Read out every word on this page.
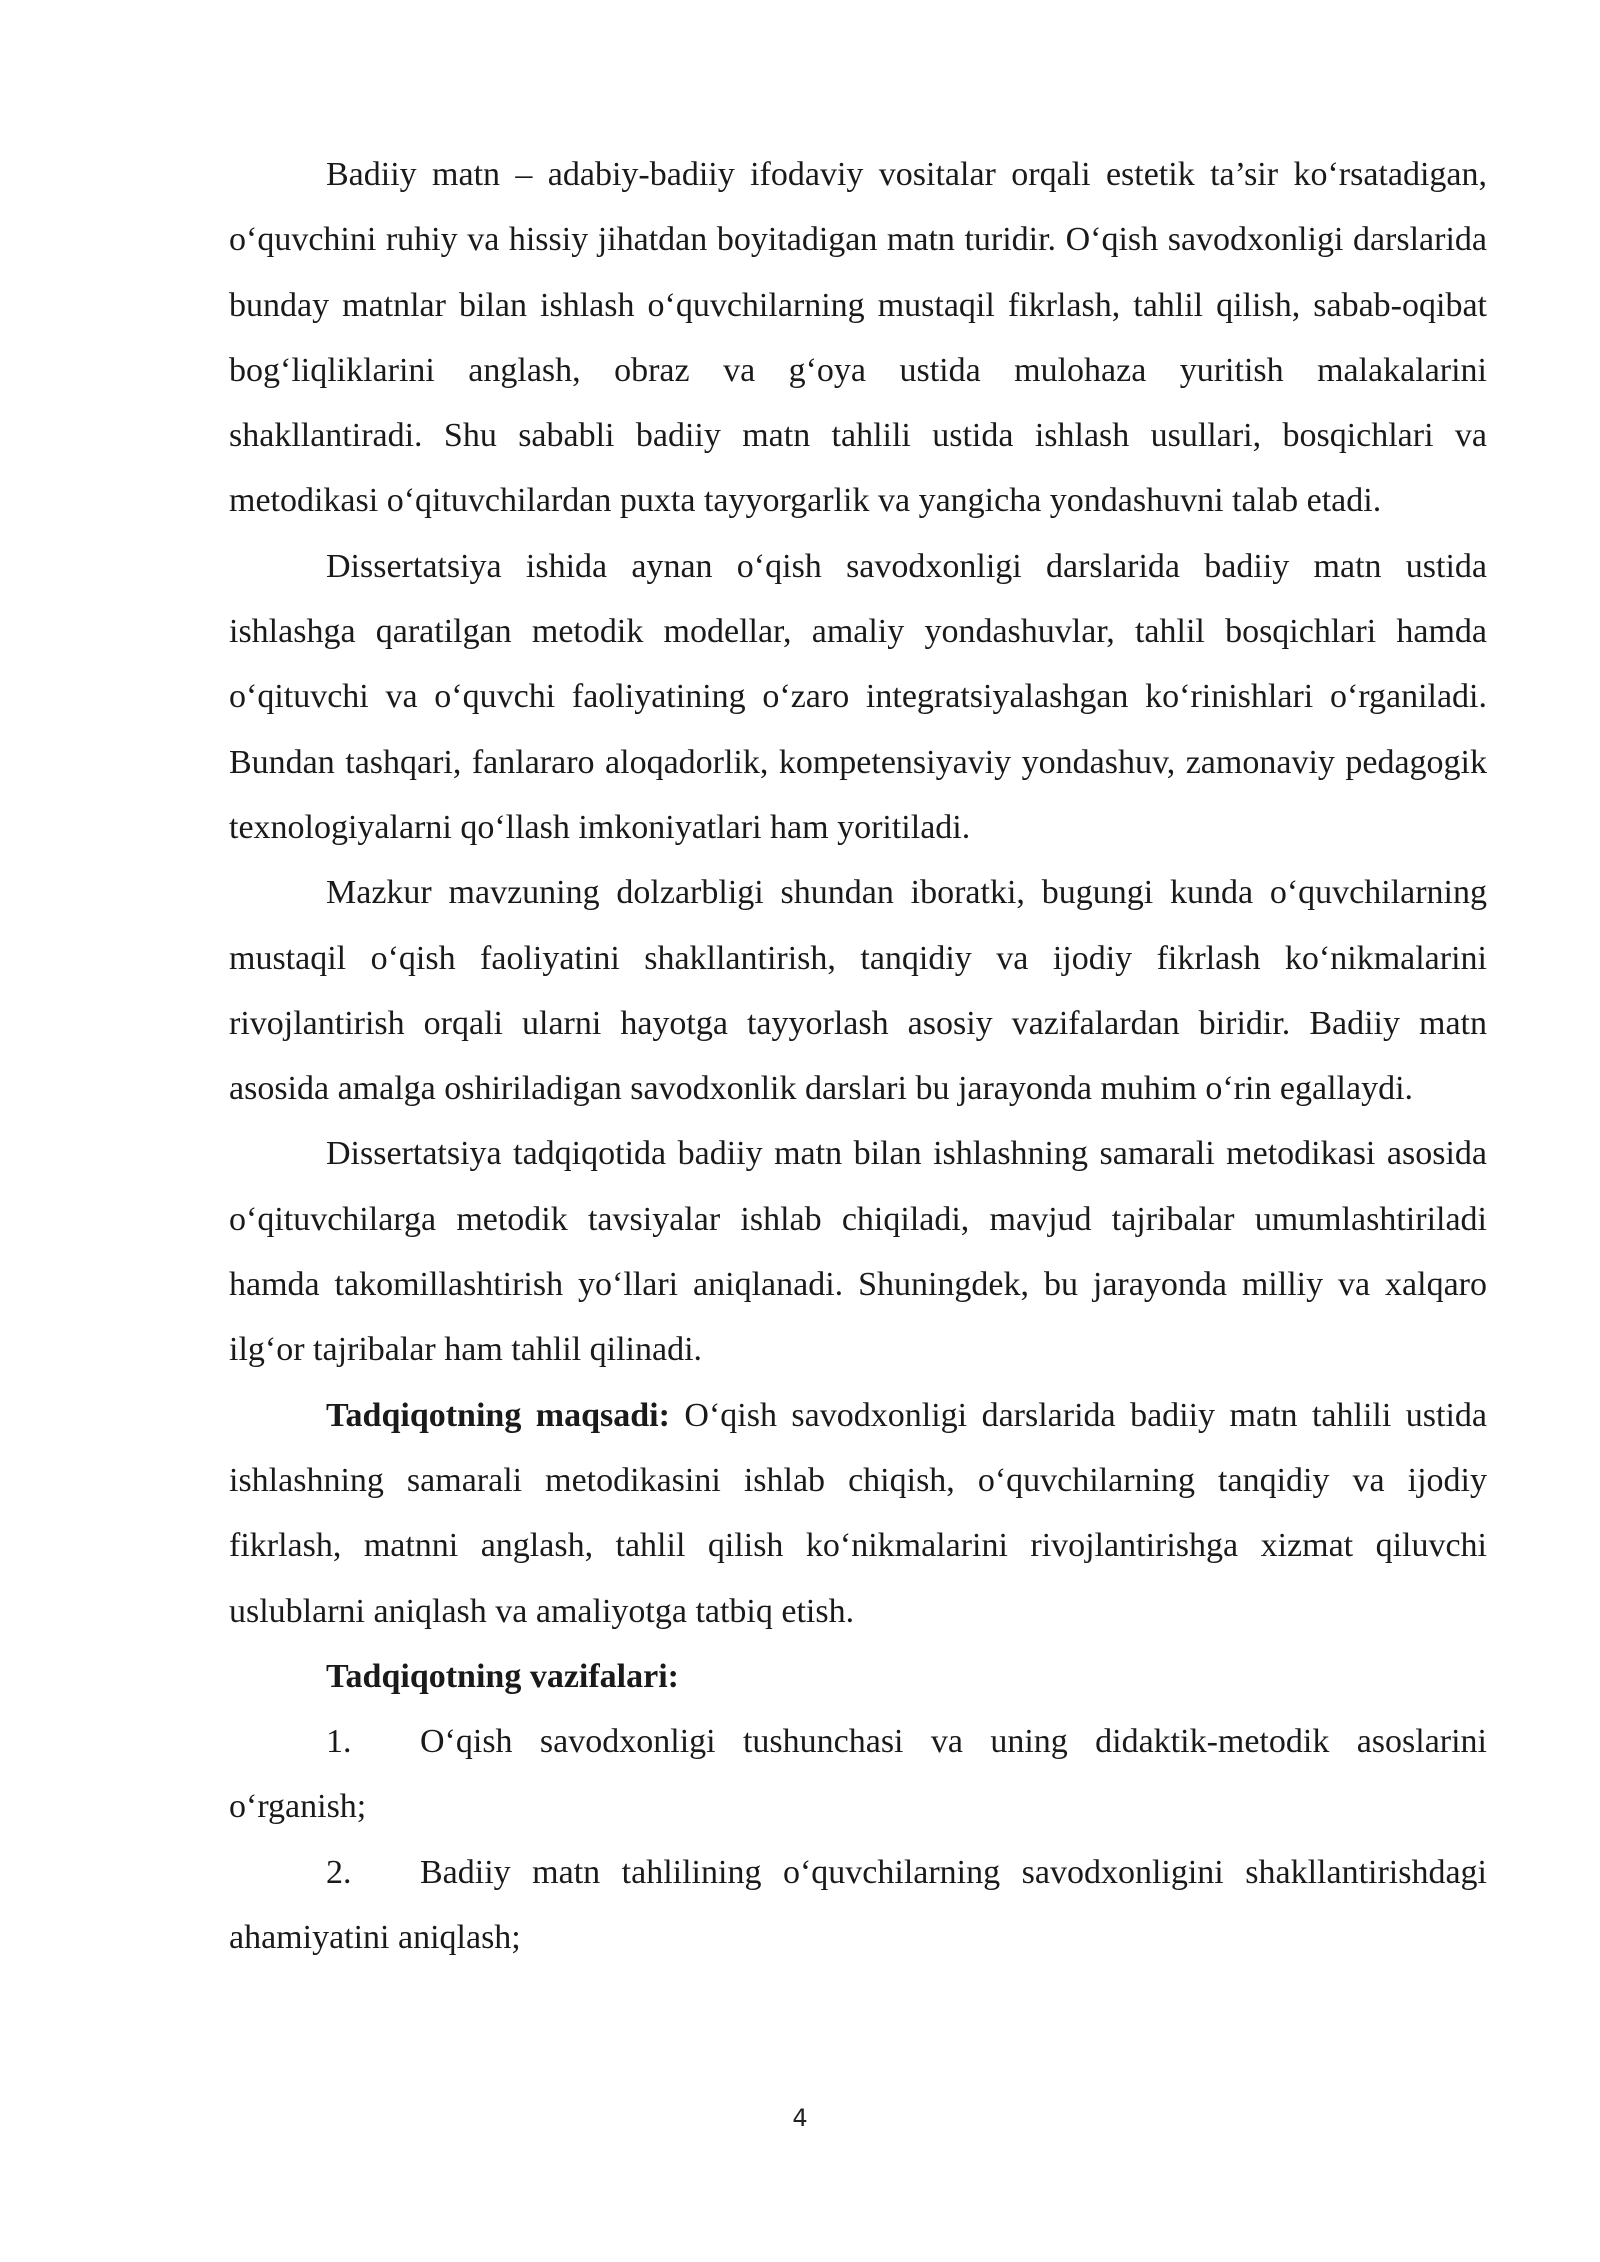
Badiiy matn – adabiy-badiiy ifodaviy vositalar orqali estetik ta’sir ko‘rsatadigan, o‘quvchini ruhiy va hissiy jihatdan boyitadigan matn turidir. O‘qish savodxonligi darslarida bunday matnlar bilan ishlash o‘quvchilarning mustaqil fikrlash, tahlil qilish, sabab-oqibat bog‘liqliklarini anglash, obraz va g‘oya ustida mulohaza yuritish malakalarini shakllantiradi. Shu sababli badiiy matn tahlili ustida ishlash usullari, bosqichlari va metodikasi o‘qituvchilardan puxta tayyorgarlik va yangicha yondashuvni talab etadi.

Dissertatsiya ishida aynan o‘qish savodxonligi darslarida badiiy matn ustida ishlashga qaratilgan metodik modellar, amaliy yondashuvlar, tahlil bosqichlari hamda o‘qituvchi va o‘quvchi faoliyatining o‘zaro integratsiyalashgan ko‘rinishlari o‘rganiladi. Bundan tashqari, fanlararo aloqadorlik, kompetensiyaviy yondashuv, zamonaviy pedagogik texnologiyalarni qo‘llash imkoniyatlari ham yoritiladi.

Mazkur mavzuning dolzarbligi shundan iboratki, bugungi kunda o‘quvchilarning mustaqil o‘qish faoliyatini shakllantirish, tanqidiy va ijodiy fikrlash ko‘nikmalarini rivojlantirish orqali ularni hayotga tayyorlash asosiy vazifalardan biridir. Badiiy matn asosida amalga oshiriladigan savodxonlik darslari bu jarayonda muhim o‘rin egallaydi.

Dissertatsiya tadqiqotida badiiy matn bilan ishlashning samarali metodikasi asosida o‘qituvchilarga metodik tavsiyalar ishlab chiqiladi, mavjud tajribalar umumlashtiriladi hamda takomillashtirish yo‘llari aniqlanadi. Shuningdek, bu jarayonda milliy va xalqaro ilg‘or tajribalar ham tahlil qilinadi.

Tadqiqotning maqsadi: O‘qish savodxonligi darslarida badiiy matn tahlili ustida ishlashning samarali metodikasini ishlab chiqish, o‘quvchilarning tanqidiy va ijodiy fikrlash, matnni anglash, tahlil qilish ko‘nikmalarini rivojlantirishga xizmat qiluvchi uslublarni aniqlash va amaliyotga tatbiq etish.

Tadqiqotning vazifalari:

1. O‘qish savodxonligi tushunchasi va uning didaktik-metodik asoslarini o‘rganish;

2. Badiiy matn tahlilining o‘quvchilarning savodxonligini shakllantirishdagi ahamiyatini aniqlash;

4
